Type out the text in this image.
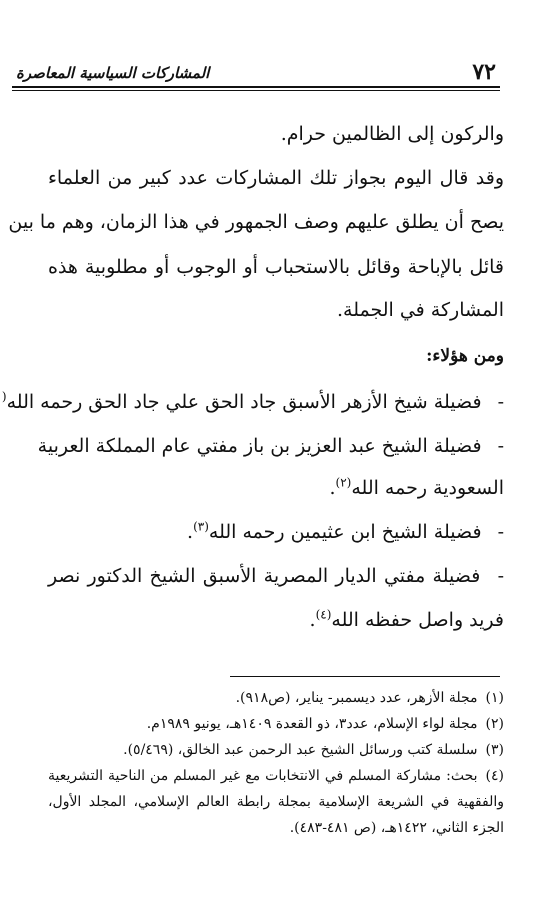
٧٢
المشاركات السياسية المعاصرة
والركون إلى الظالمين حرام.
وقد قال اليوم بجواز تلك المشاركات عدد كبير من العلماء
يصح أن يطلق عليهم وصف الجمهور في هذا الزمان، وهم ما بين
قائل بالإباحة وقائل بالاستحباب أو الوجوب أو مطلوبية هذه
المشاركة في الجملة.
ومن هؤلاء:
- فضيلة شيخ الأزهر الأسبق جاد الحق علي جاد الحق رحمه الله(
- فضيلة الشيخ عبد العزيز بن باز مفتي عام المملكة العربية
السعودية رحمه الله$^{(٢)}$.
- فضيلة الشيخ ابن عثيمين رحمه الله$^{(٣)}$.
- فضيلة مفتي الديار المصرية الأسبق الشيخ الدكتور نصر
فريد واصل حفظه الله$^{(٤)}$.
(١)مجلة الأزهر، عدد ديسمبر- يناير، (ص٩١٨).
(٢)مجلة لواء الإسلام، عدد٣، ذو القعدة ١٤٠٩هـ، يونيو ١٩٨٩م.
(٣)سلسلة كتب ورسائل الشيخ عبد الرحمن عبد الخالق، (٥/٤٦٩).
(٤)بحث: مشاركة المسلم في الانتخابات مع غير المسلم من الناحية التشريعية
والفقهية في الشريعة الإسلامية بمجلة رابطة العالم الإسلامي، المجلد الأول،
الجزء الثاني، ١٤٢٢هـ، (ص ٤٨١-٤٨٣).
